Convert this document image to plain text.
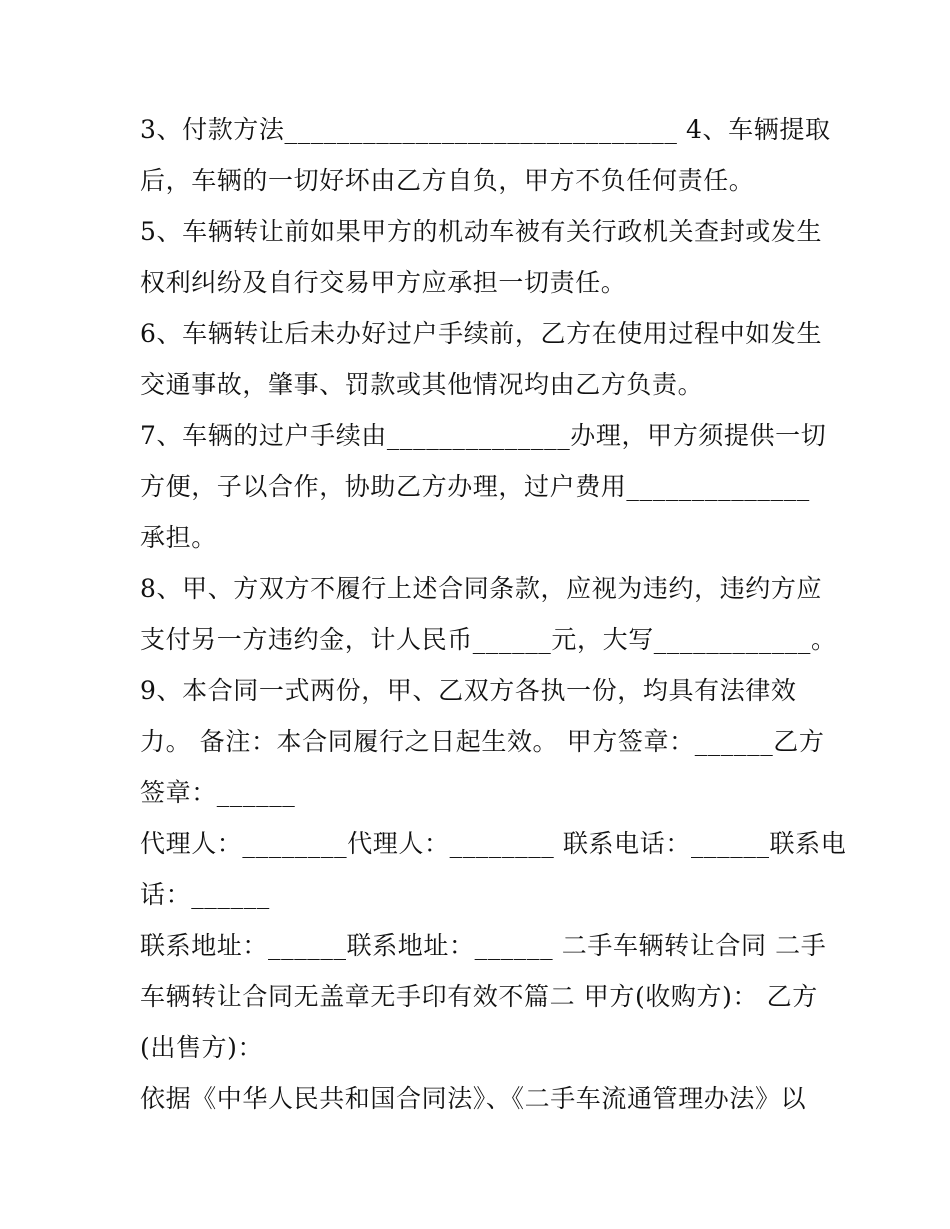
3、付款方法______________________________ 4、车辆提取
后，车辆的一切好坏由乙方自负，甲方不负任何责任。
5、车辆转让前如果甲方的机动车被有关行政机关查封或发生
权利纠纷及自行交易甲方应承担一切责任。
6、车辆转让后未办好过户手续前，乙方在使用过程中如发生
交通事故，肇事、罚款或其他情况均由乙方负责。
7、车辆的过户手续由______________办理，甲方须提供一切
方便，子以合作，协助乙方办理，过户费用______________
承担。
8、甲、方双方不履行上述合同条款，应视为违约，违约方应
支付另一方违约金，计人民币______元，大写____________。
9、本合同一式两份，甲、乙双方各执一份，均具有法律效
力。 备注：本合同履行之日起生效。 甲方签章：______乙方
签章：______
代理人：________代理人：________ 联系电话：______联系电
话：______
联系地址：______联系地址：______ 二手车辆转让合同 二手
车辆转让合同无盖章无手印有效不篇二 甲方(收购方)： 乙方
(出售方)：
依据《中华人民共和国合同法》、《二手车流通管理办法》以
